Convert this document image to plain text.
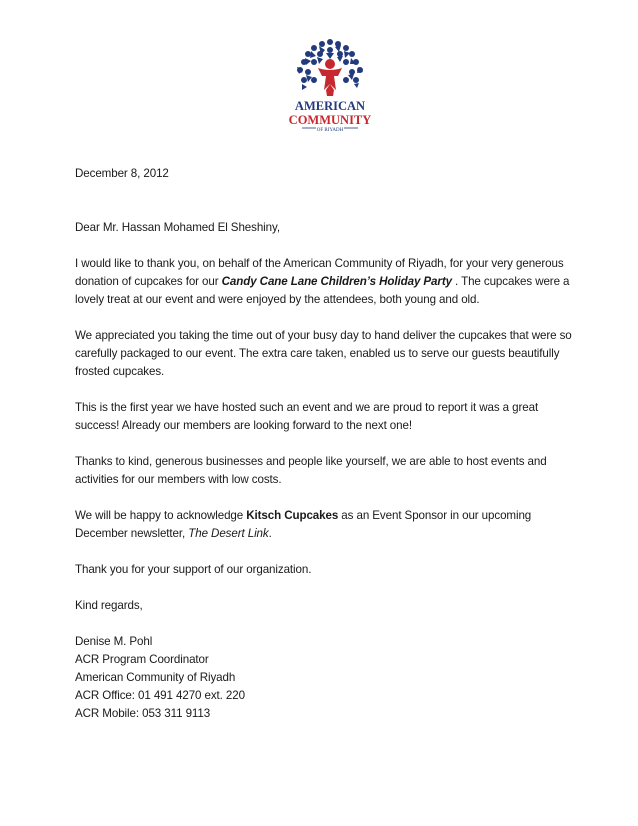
AMERICAN
COMMUNITY
OF RIYADH

December 8, 2012

Dear Mr. Hassan Mohamed El Sheshiny,

I would like to thank you, on behalf of the American Community of Riyadh, for your very generous donation of cupcakes for our Candy Cane Lane Children’s Holiday Party . The cupcakes were a lovely treat at our event and were enjoyed by the attendees, both young and old.

We appreciated you taking the time out of your busy day to hand deliver the cupcakes that were so carefully packaged to our event. The extra care taken, enabled us to serve our guests beautifully frosted cupcakes.

This is the first year we have hosted such an event and we are proud to report it was a great success! Already our members are looking forward to the next one!

Thanks to kind, generous businesses and people like yourself, we are able to host events and activities for our members with low costs.

We will be happy to acknowledge Kitsch Cupcakes as an Event Sponsor in our upcoming December newsletter, The Desert Link.

Thank you for your support of our organization.

Kind regards,

Denise M. Pohl

ACR Program Coordinator

American Community of Riyadh

ACR Office: 01 491 4270 ext. 220

ACR Mobile: 053 311 9113
